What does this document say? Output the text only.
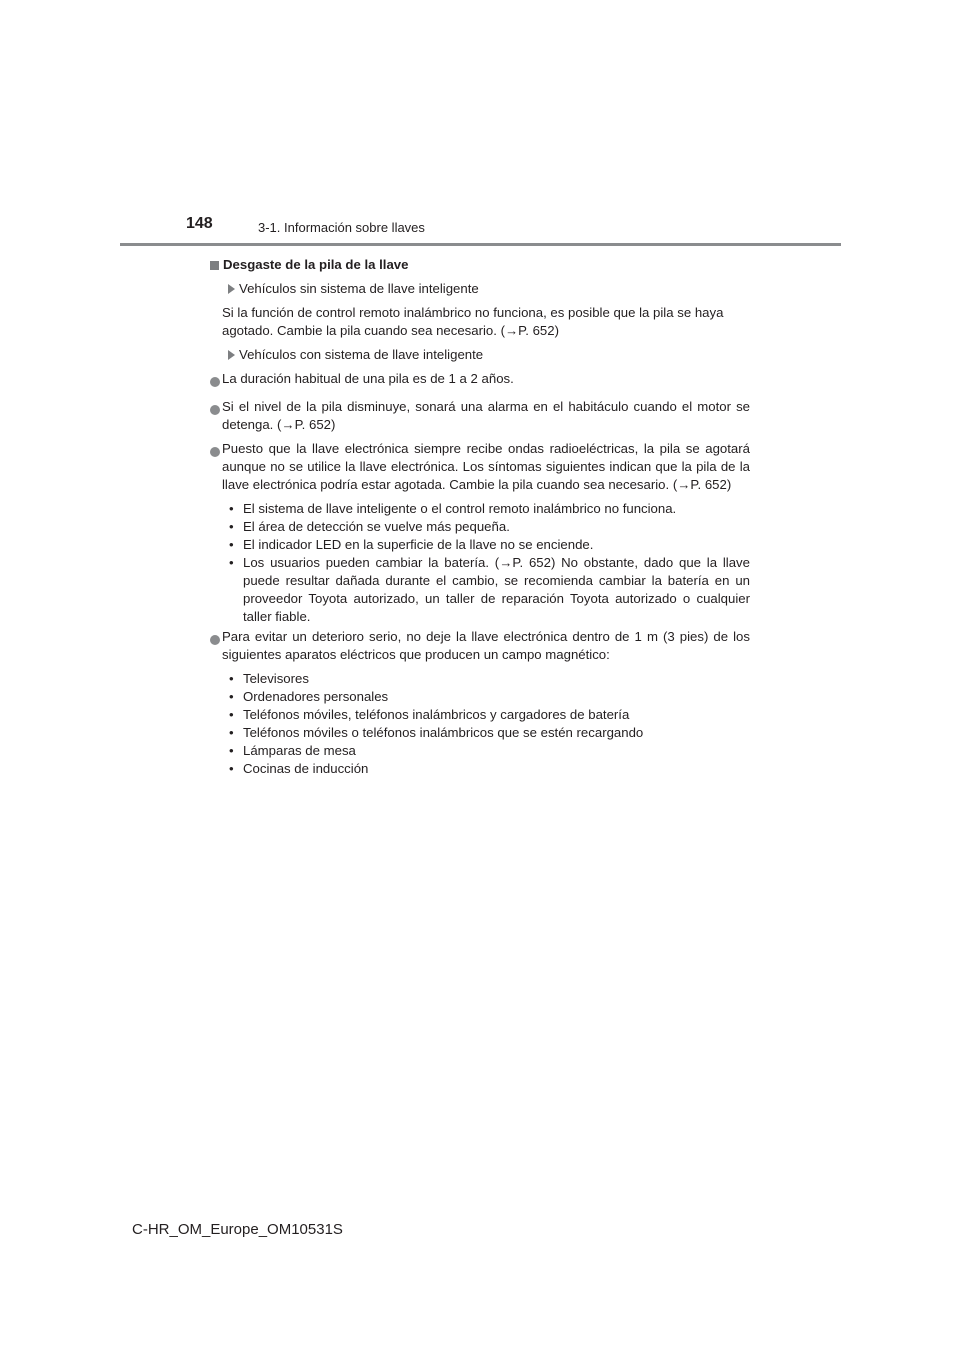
148	3-1. Información sobre llaves
Desgaste de la pila de la llave
Vehículos sin sistema de llave inteligente
Si la función de control remoto inalámbrico no funciona, es posible que la pila se haya agotado. Cambie la pila cuando sea necesario. (→P. 652)
Vehículos con sistema de llave inteligente
La duración habitual de una pila es de 1 a 2 años.
Si el nivel de la pila disminuye, sonará una alarma en el habitáculo cuando el motor se detenga. (→P. 652)
Puesto que la llave electrónica siempre recibe ondas radioeléctricas, la pila se agotará aunque no se utilice la llave electrónica. Los síntomas siguientes indican que la pila de la llave electrónica podría estar agotada. Cambie la pila cuando sea necesario. (→P. 652)
• El sistema de llave inteligente o el control remoto inalámbrico no funciona.
• El área de detección se vuelve más pequeña.
• El indicador LED en la superficie de la llave no se enciende.
• Los usuarios pueden cambiar la batería. (→P. 652) No obstante, dado que la llave puede resultar dañada durante el cambio, se recomienda cambiar la batería en un proveedor Toyota autorizado, un taller de reparación Toyota autorizado o cualquier taller fiable.
Para evitar un deterioro serio, no deje la llave electrónica dentro de 1 m (3 pies) de los siguientes aparatos eléctricos que producen un campo magnético:
• Televisores
• Ordenadores personales
• Teléfonos móviles, teléfonos inalámbricos y cargadores de batería
• Teléfonos móviles o teléfonos inalámbricos que se estén recargando
• Lámparas de mesa
• Cocinas de inducción
C-HR_OM_Europe_OM10531S
